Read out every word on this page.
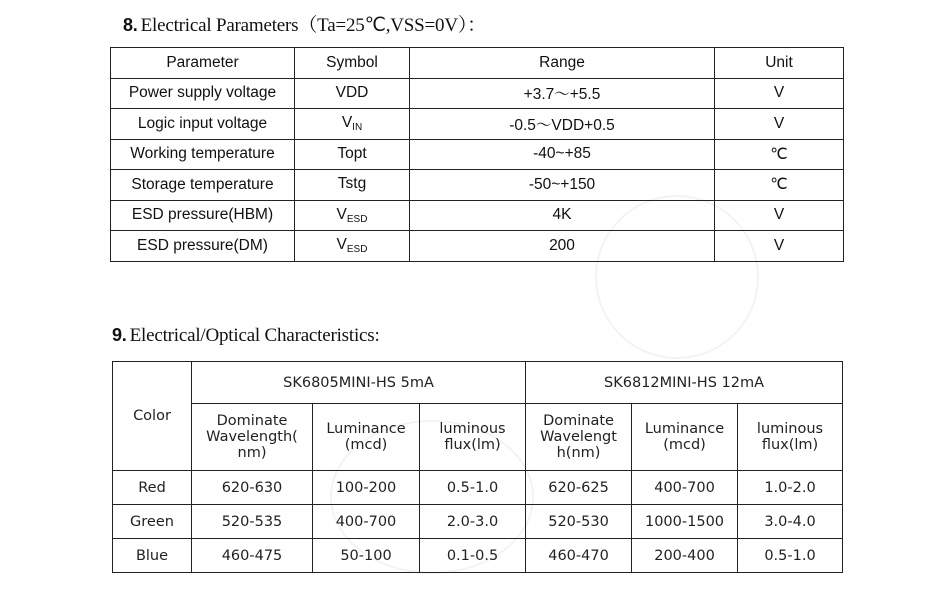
8. Electrical Parameters（Ta=25℃,VSS=0V）：
Parameter	Symbol	Range	Unit
Power supply voltage	VDD	+3.7～+5.5	V
Logic input voltage	$V_{IN}$	-0.5～VDD+0.5	V
Working temperature	Topt	-40~+85	℃
Storage temperature	Tstg	-50~+150	℃
ESD pressure(HBM)	$V_{ESD}$	4K	V
ESD pressure(DM)	$V_{ESD}$	200	V
9. Electrical/Optical Characteristics:
Color	SK6805MINI-HS 5mA			SK6812MINI-HS 12mA		
	Dominate Wavelength( nm)	Luminance (mcd)	luminous flux(lm)	Dominate Wavelengt h(nm)	Luminance (mcd)	luminous flux(lm)
Red	620-630	100-200	0.5-1.0	620-625	400-700	1.0-2.0
Green	520-535	400-700	2.0-3.0	520-530	1000-1500	3.0-4.0
Blue	460-475	50-100	0.1-0.5	460-470	200-400	0.5-1.0
